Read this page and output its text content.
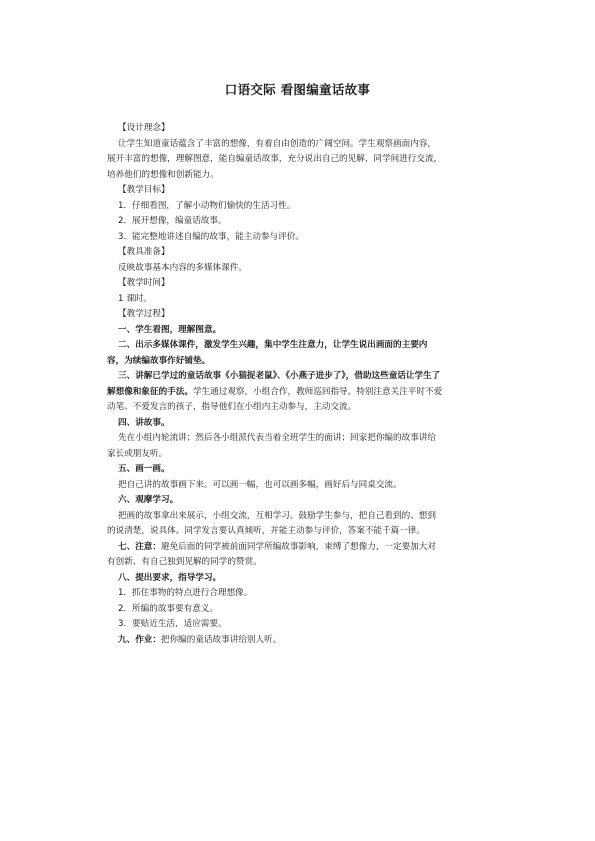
口语交际 看图编童话故事
【设计理念】
让学生知道童话蕴含了丰富的想像，有着自由创造的广阔空间。学生观察画面内容，
展开丰富的想像，理解图意，能自编童话故事，充分说出自己的见解，同学间进行交流，
培养他们的想像和创新能力。
【教学目标】
1．仔细看图，了解小动物们愉快的生活习性。
2．展开想像，编童话故事。
3．能完整地讲述自编的故事，能主动参与评价。
【教具准备】
反映故事基本内容的多媒体课件。
【教学时间】
1 课时。
【教学过程】
一、学生看图，理解图意。
二、出示多媒体课件，激发学生兴趣，集中学生注意力，让学生说出画面的主要内
容，为续编故事作好铺垫。
三、讲解已学过的童话故事《小猫捉老鼠》、《小燕子进步了》，借助这些童话让学生了
解想像和象征的手法。学生通过观察，小组合作，教师巡回指导。特别注意关注平时不爱
动笔、不爱发言的孩子，指导他们在小组内主动参与，主动交流。
四、讲故事。
先在小组内轮流讲；然后各小组派代表当着全班学生的面讲；回家把你编的故事讲给
家长或朋友听。
五、画一画。
把自己讲的故事画下来。可以画一幅，也可以画多幅，画好后与同桌交流。
六、观摩学习。
把画的故事拿出来展示，小组交流，互相学习。鼓励学生参与，把自己看到的、想到
的说清楚，说具体。同学发言要认真倾听，并能主动参与评价，答案不能千篇一律。
七、注意：避免后面的同学被前面同学所编故事影响，束缚了想像力，一定要加大对
有创新、有自己独到见解的同学的赞赏。
八、提出要求，指导学习。
1．抓住事物的特点进行合理想像。
2．所编的故事要有意义。
3．要贴近生活，适应需要。
九、作业：把你编的童话故事讲给别人听。
